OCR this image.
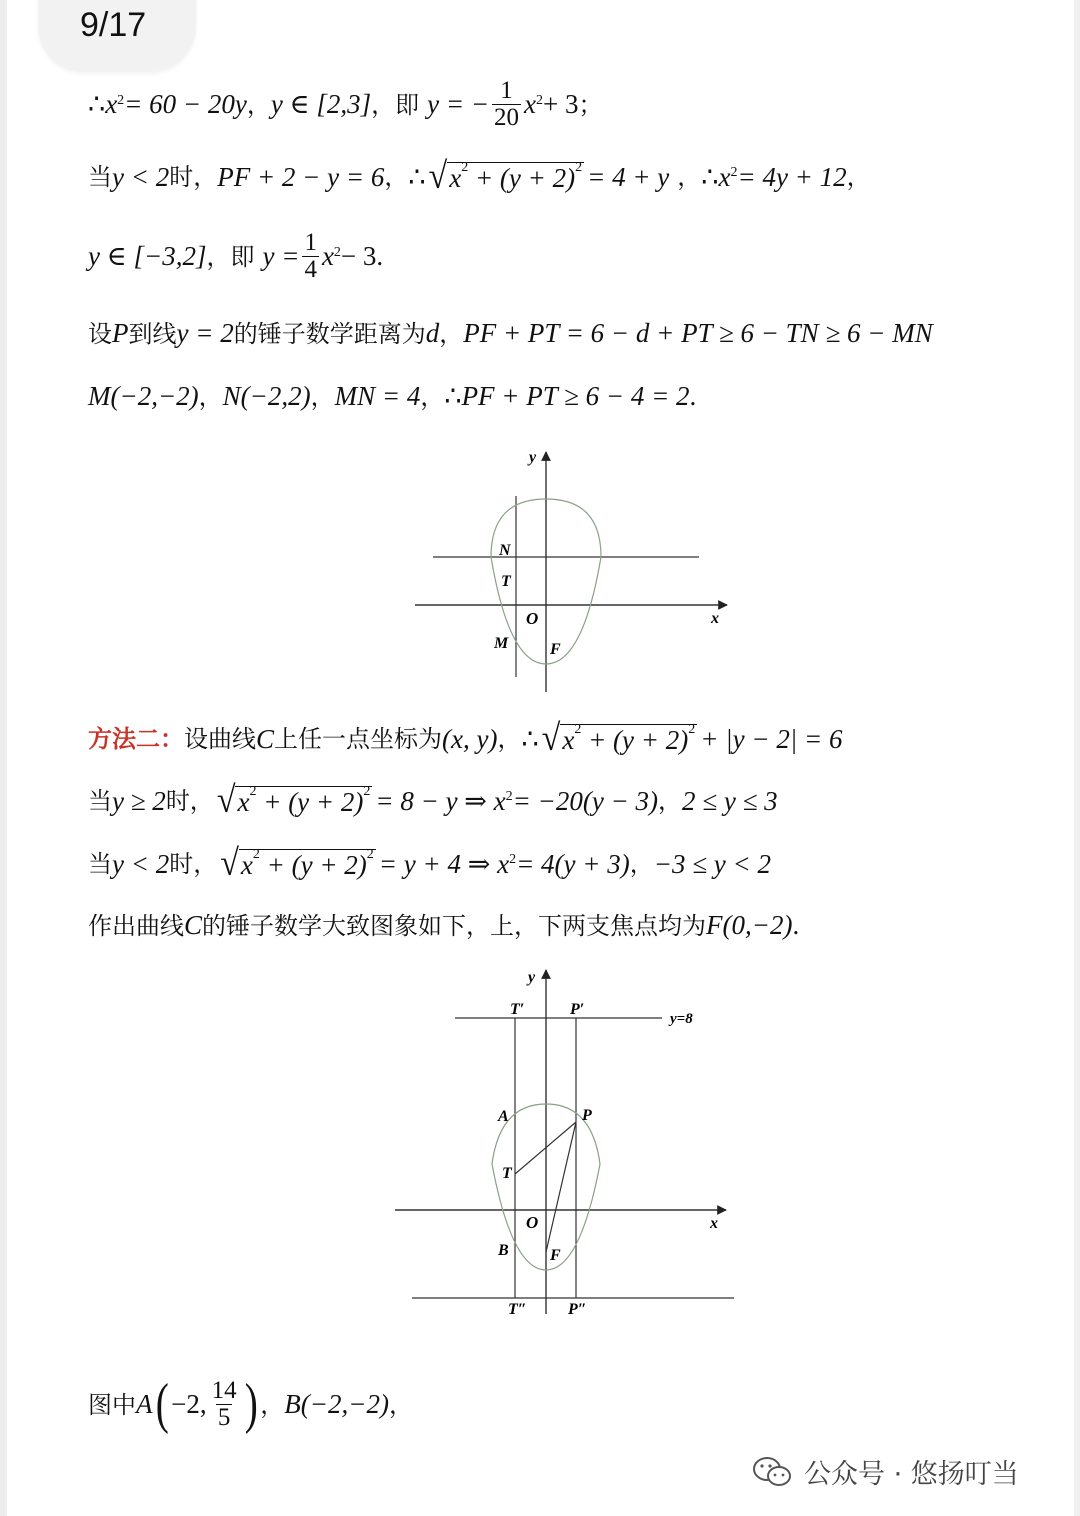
9/17
∴ $x^2 = 60 - 20y$ ， y ∈ [2,3] ，即 y = − $\frac{1}{20} x^2 + 3$ ；
当 y < 2 时， PF + 2 − y = 6 ， ∴ √ $x^2 + (y + 2)^2 = 4 + y$ ， ∴ $x^2 = 4y + 12$ ，
y ∈ [−3,2] ，即 $y = \frac{1}{4} x^2 - 3$ .
设 P 到线 y = 2 的锤子数学距离为 d ， PF + PT = 6 − d + PT ≥ 6 − TN ≥ 6 − MN
M(−2,−2) ， N(−2,2) ， MN = 4 ， ∴ PF + PT ≥ 6 − 4 = 2 .
y
x
O
N
T
M	F
方法二： 设曲线 C 上任一点坐标为 (x, y) ， ∴ √ $x^2 + (y + 2)^2 + |y - 2| = 6$
当 y ≥ 2 时， √ $x^2 + (y + 2)^2 = 8 - y$ ⇒ $x^2 = -20(y - 3)$ ， 2 ≤ y ≤ 3
当 y < 2 时， √ $x^2 + (y + 2)^2 = y + 4$ ⇒ $x^2 = 4(y + 3)$ ， −3 ≤ y < 2
作出曲线 C 的锤子数学大致图象如下，上，下两支焦点均为 F(0,−2) .
y
x
O
A
B
T
P
F
T′	P′
T″	P″
y=8
图中 A ( −2, $\frac{14}{5}$ ) ， B(−2,−2) ，
公众号 · 悠扬叮当
